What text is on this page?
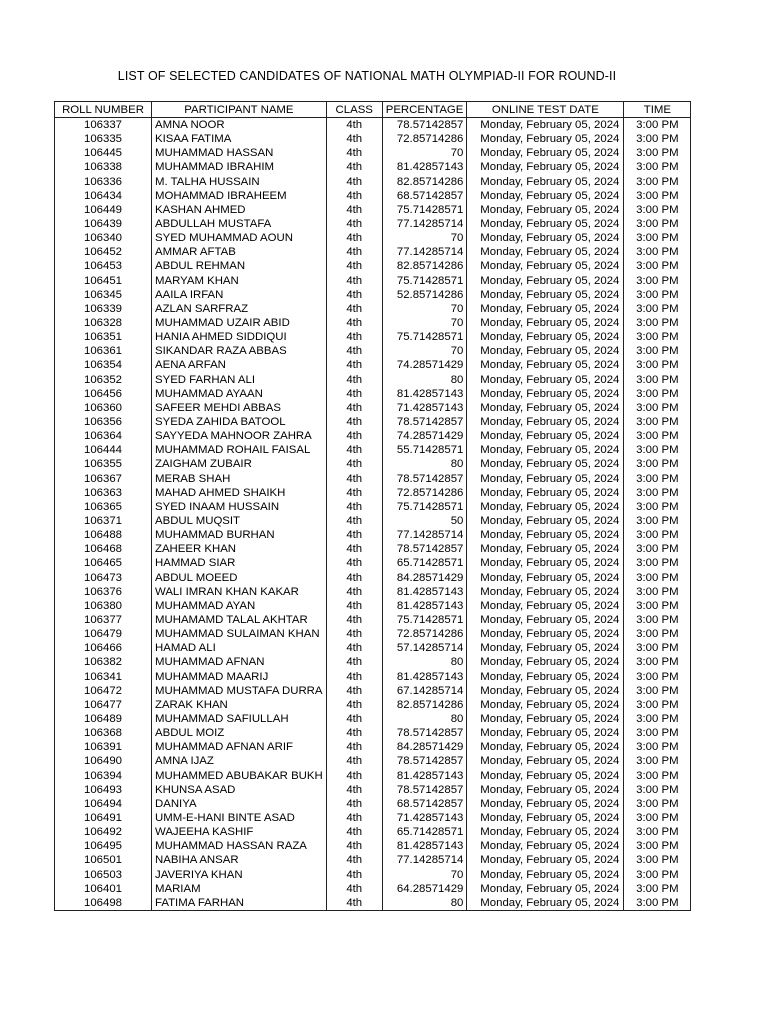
LIST OF SELECTED CANDIDATES OF NATIONAL MATH OLYMPIAD-II FOR ROUND-II
ROLL NUMBER	PARTICIPANT NAME	CLASS	PERCENTAGE	ONLINE TEST DATE	TIME
106337	AMNA NOOR	4th	78.57142857	Monday, February 05, 2024	3:00 PM
106335	KISAA FATIMA	4th	72.85714286	Monday, February 05, 2024	3:00 PM
106445	MUHAMMAD HASSAN	4th	70	Monday, February 05, 2024	3:00 PM
106338	MUHAMMAD IBRAHIM	4th	81.42857143	Monday, February 05, 2024	3:00 PM
106336	M. TALHA HUSSAIN	4th	82.85714286	Monday, February 05, 2024	3:00 PM
106434	MOHAMMAD IBRAHEEM	4th	68.57142857	Monday, February 05, 2024	3:00 PM
106449	KASHAN AHMED	4th	75.71428571	Monday, February 05, 2024	3:00 PM
106439	ABDULLAH MUSTAFA	4th	77.14285714	Monday, February 05, 2024	3:00 PM
106340	SYED MUHAMMAD AOUN	4th	70	Monday, February 05, 2024	3:00 PM
106452	AMMAR AFTAB	4th	77.14285714	Monday, February 05, 2024	3:00 PM
106453	ABDUL REHMAN	4th	82.85714286	Monday, February 05, 2024	3:00 PM
106451	MARYAM KHAN	4th	75.71428571	Monday, February 05, 2024	3:00 PM
106345	AAILA IRFAN	4th	52.85714286	Monday, February 05, 2024	3:00 PM
106339	AZLAN SARFRAZ	4th	70	Monday, February 05, 2024	3:00 PM
106328	MUHAMMAD UZAIR ABID	4th	70	Monday, February 05, 2024	3:00 PM
106351	HANIA AHMED SIDDIQUI	4th	75.71428571	Monday, February 05, 2024	3:00 PM
106361	SIKANDAR RAZA ABBAS	4th	70	Monday, February 05, 2024	3:00 PM
106354	AENA ARFAN	4th	74.28571429	Monday, February 05, 2024	3:00 PM
106352	SYED FARHAN ALI	4th	80	Monday, February 05, 2024	3:00 PM
106456	MUHAMMAD AYAAN	4th	81.42857143	Monday, February 05, 2024	3:00 PM
106360	SAFEER MEHDI ABBAS	4th	71.42857143	Monday, February 05, 2024	3:00 PM
106356	SYEDA ZAHIDA BATOOL	4th	78.57142857	Monday, February 05, 2024	3:00 PM
106364	SAYYEDA MAHNOOR ZAHRA	4th	74.28571429	Monday, February 05, 2024	3:00 PM
106444	MUHAMMAD ROHAIL FAISAL	4th	55.71428571	Monday, February 05, 2024	3:00 PM
106355	ZAIGHAM ZUBAIR	4th	80	Monday, February 05, 2024	3:00 PM
106367	MERAB SHAH	4th	78.57142857	Monday, February 05, 2024	3:00 PM
106363	MAHAD AHMED SHAIKH	4th	72.85714286	Monday, February 05, 2024	3:00 PM
106365	SYED INAAM HUSSAIN	4th	75.71428571	Monday, February 05, 2024	3:00 PM
106371	ABDUL MUQSIT	4th	50	Monday, February 05, 2024	3:00 PM
106488	MUHAMMAD BURHAN	4th	77.14285714	Monday, February 05, 2024	3:00 PM
106468	ZAHEER KHAN	4th	78.57142857	Monday, February 05, 2024	3:00 PM
106465	HAMMAD SIAR	4th	65.71428571	Monday, February 05, 2024	3:00 PM
106473	ABDUL MOEED	4th	84.28571429	Monday, February 05, 2024	3:00 PM
106376	WALI IMRAN KHAN KAKAR	4th	81.42857143	Monday, February 05, 2024	3:00 PM
106380	MUHAMMAD AYAN	4th	81.42857143	Monday, February 05, 2024	3:00 PM
106377	MUHAMAMD TALAL AKHTAR	4th	75.71428571	Monday, February 05, 2024	3:00 PM
106479	MUHAMMAD SULAIMAN KHAN	4th	72.85714286	Monday, February 05, 2024	3:00 PM
106466	HAMAD ALI	4th	57.14285714	Monday, February 05, 2024	3:00 PM
106382	MUHAMMAD AFNAN	4th	80	Monday, February 05, 2024	3:00 PM
106341	MUHAMMAD MAARIJ	4th	81.42857143	Monday, February 05, 2024	3:00 PM
106472	MUHAMMAD MUSTAFA DURRA	4th	67.14285714	Monday, February 05, 2024	3:00 PM
106477	ZARAK KHAN	4th	82.85714286	Monday, February 05, 2024	3:00 PM
106489	MUHAMMAD SAFIULLAH	4th	80	Monday, February 05, 2024	3:00 PM
106368	ABDUL MOIZ	4th	78.57142857	Monday, February 05, 2024	3:00 PM
106391	MUHAMMAD AFNAN ARIF	4th	84.28571429	Monday, February 05, 2024	3:00 PM
106490	AMNA IJAZ	4th	78.57142857	Monday, February 05, 2024	3:00 PM
106394	MUHAMMED ABUBAKAR BUKH	4th	81.42857143	Monday, February 05, 2024	3:00 PM
106493	KHUNSA ASAD	4th	78.57142857	Monday, February 05, 2024	3:00 PM
106494	DANIYA	4th	68.57142857	Monday, February 05, 2024	3:00 PM
106491	UMM-E-HANI BINTE ASAD	4th	71.42857143	Monday, February 05, 2024	3:00 PM
106492	WAJEEHA KASHIF	4th	65.71428571	Monday, February 05, 2024	3:00 PM
106495	MUHAMMAD HASSAN RAZA	4th	81.42857143	Monday, February 05, 2024	3:00 PM
106501	NABIHA ANSAR	4th	77.14285714	Monday, February 05, 2024	3:00 PM
106503	JAVERIYA KHAN	4th	70	Monday, February 05, 2024	3:00 PM
106401	MARIAM	4th	64.28571429	Monday, February 05, 2024	3:00 PM
106498	FATIMA FARHAN	4th	80	Monday, February 05, 2024	3:00 PM
